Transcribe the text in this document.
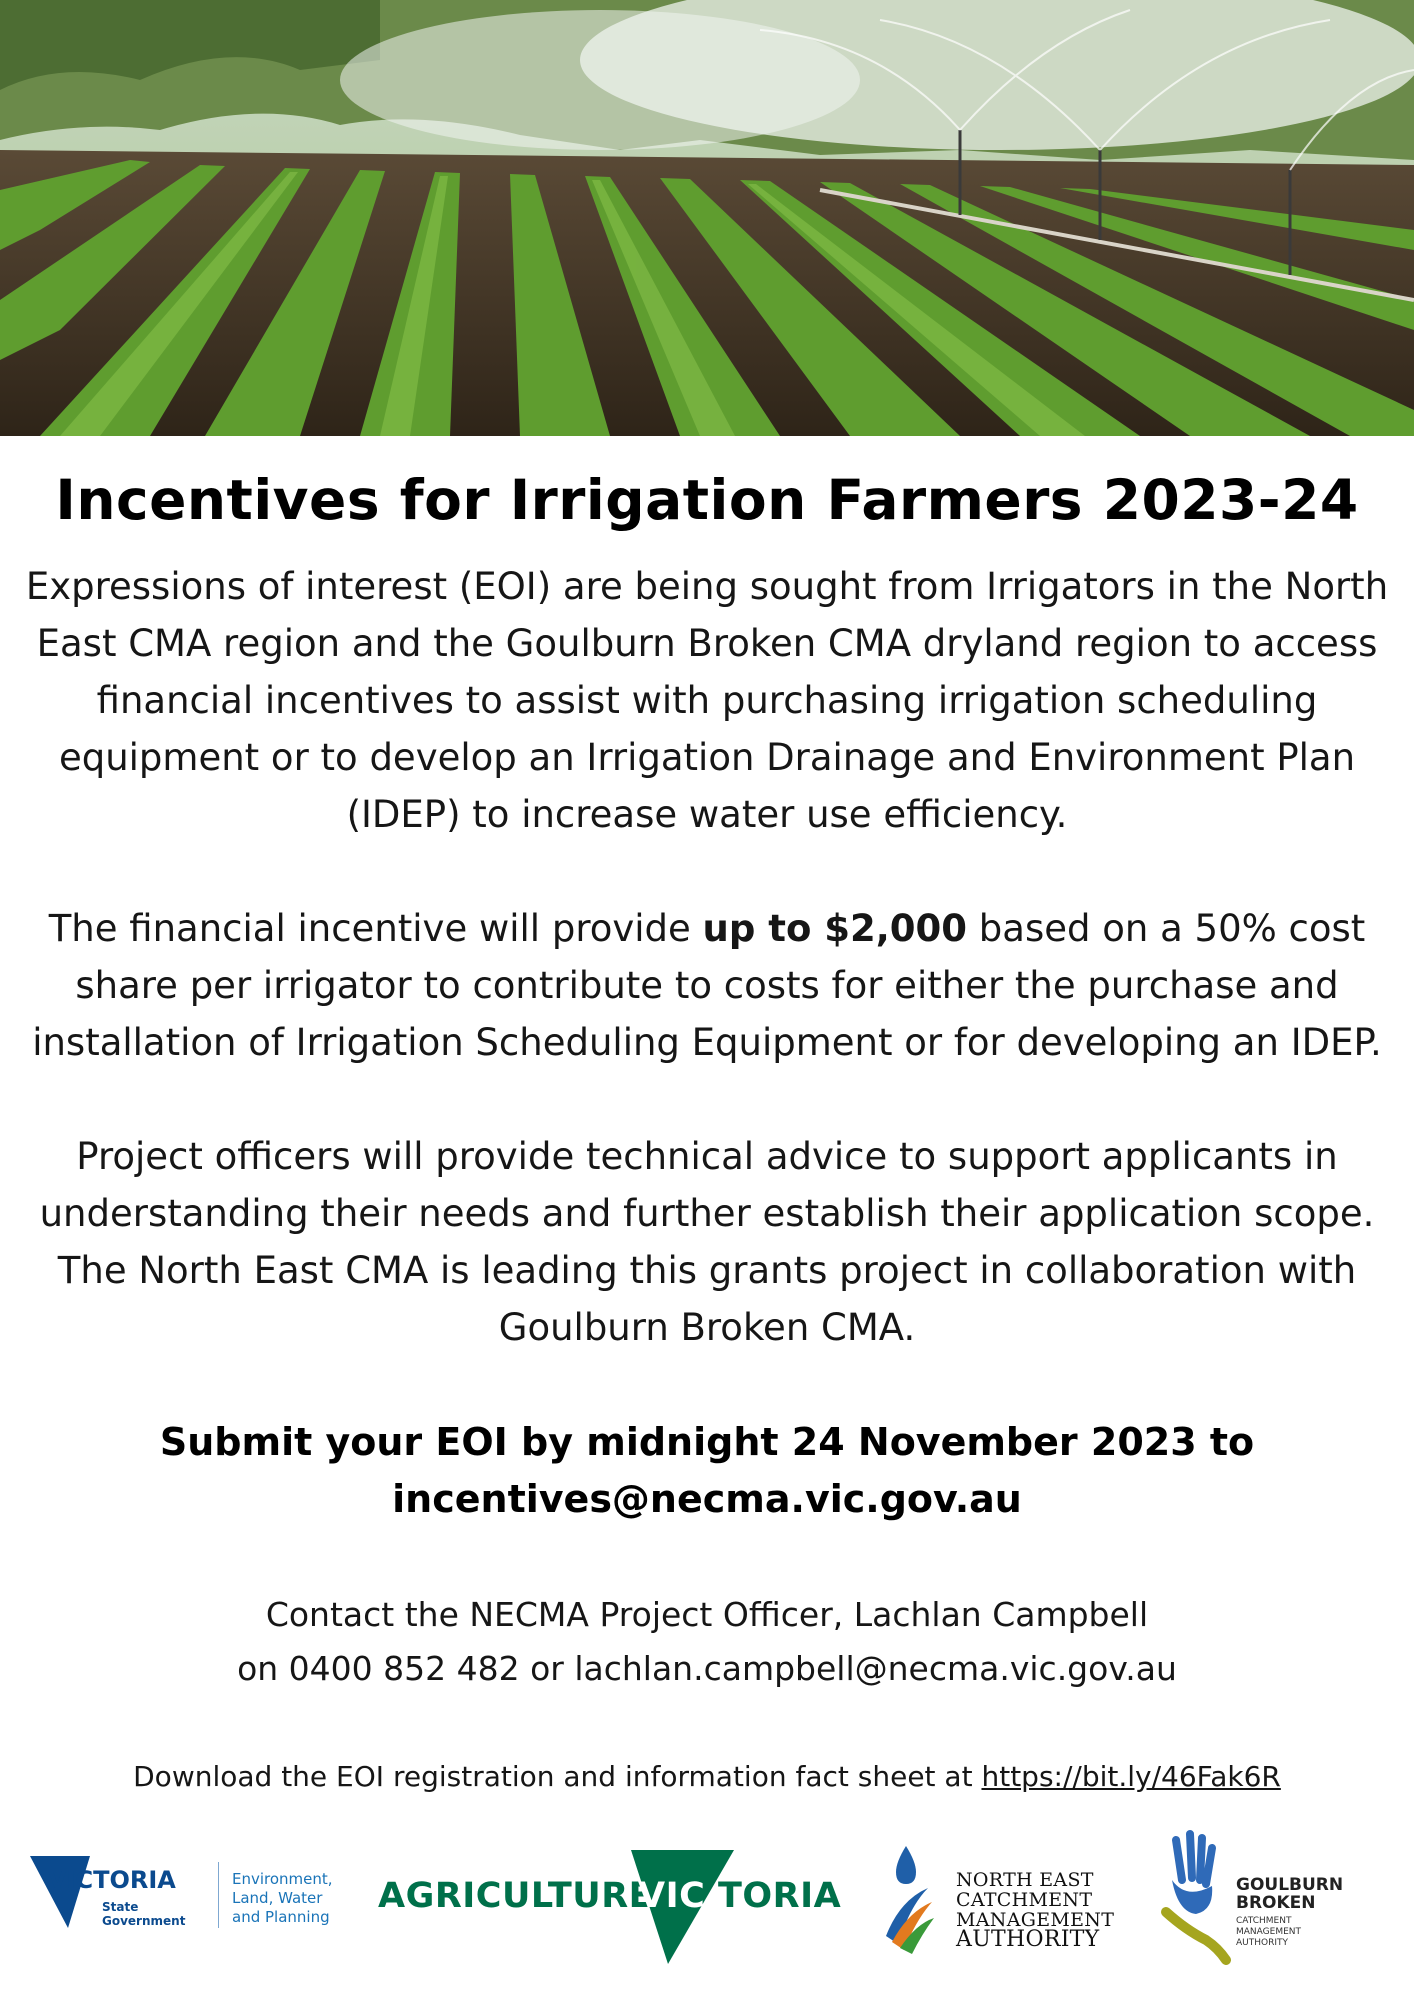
Incentives for Irrigation Farmers 2023-24
Expressions of interest (EOI) are being sought from Irrigators in the North
East CMA region and the Goulburn Broken CMA dryland region to access
financial incentives to assist with purchasing irrigation scheduling
equipment or to develop an Irrigation Drainage and Environment Plan
(IDEP) to increase water use efficiency.
The financial incentive will provide up to $2,000 based on a 50% cost
share per irrigator to contribute to costs for either the purchase and
installation of Irrigation Scheduling Equipment or for developing an IDEP.
Project officers will provide technical advice to support applicants in
understanding their needs and further establish their application scope.
The North East CMA is leading this grants project in collaboration with
Goulburn Broken CMA.
Submit your EOI by midnight 24 November 2023 to
incentives@necma.vic.gov.au
Contact the NECMA Project Officer, Lachlan Campbell
on 0400 852 482 or lachlan.campbell@necma.vic.gov.au
Download the EOI registration and information fact sheet at https://bit.ly/46Fak6R
VICTORIA
State
Government
Environment,
Land, Water
and Planning
AGRICULTURE
VIC TORIA	NORTH EAST
CATCHMENT
MANAGEMENT
AUTHORITY
GOULBURN
BROKEN
CATCHMENT
MANAGEMENT
AUTHORITY
